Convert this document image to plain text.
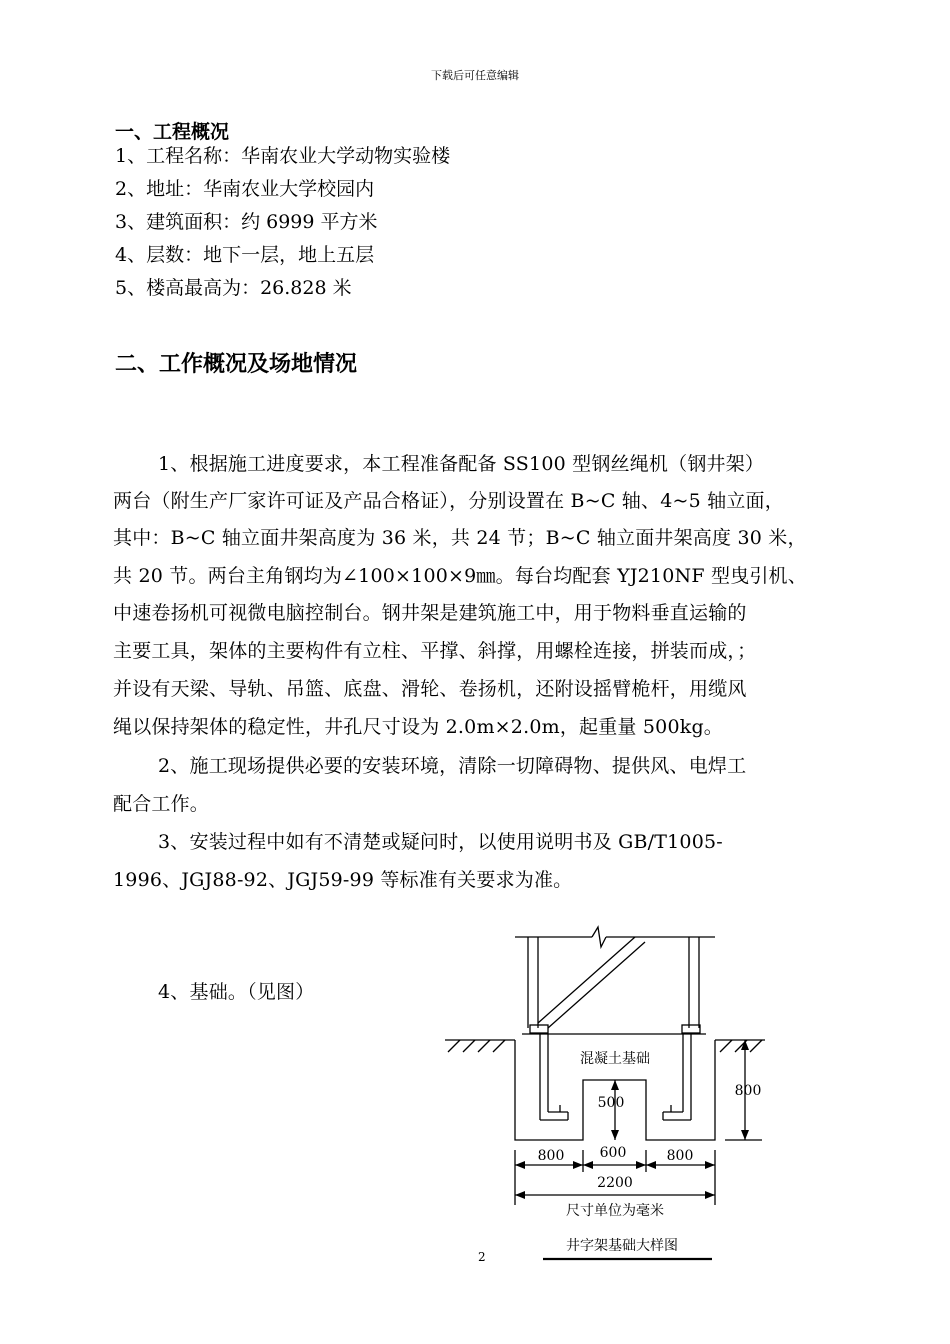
下载后可任意编辑
一、工程概况
1、工程名称：华南农业大学动物实验楼
2、地址：华南农业大学校园内
3、建筑面积：约 6999 平方米
4、层数：地下一层，地上五层
5、楼高最高为：26.828 米
二、工作概况及场地情况
1、根据施工进度要求，本工程准备配备 SS100 型钢丝绳机（钢井架）
两台（附生产厂家许可证及产品合格证），分别设置在 B~C 轴、4~5 轴立面，
其中：B~C 轴立面井架高度为 36 米，共 24 节；B~C 轴立面井架高度 30 米，
共 20 节。两台主角钢均为∠100×100×9㎜。每台均配套 YJ210NF 型曳引机、
中速卷扬机可视微电脑控制台。钢井架是建筑施工中，用于物料垂直运输的
主要工具，架体的主要构件有立柱、平撑、斜撑，用螺栓连接，拼装而成，；
并设有天梁、导轨、吊篮、底盘、滑轮、卷扬机，还附设摇臂桅杆，用缆风
绳以保持架体的稳定性，井孔尺寸设为 2.0m×2.0m，起重量 500kg。
2、施工现场提供必要的安装环境，清除一切障碍物、提供风、电焊工
配合工作。
3、安装过程中如有不清楚或疑问时，以使用说明书及 GB/T1005-
1996、JGJ88-92、JGJ59-99 等标准有关要求为准。
4、基础。（见图）
混凝土基础
500
800
800	600	800
2200
尺寸单位为毫米
井字架基础大样图
2
